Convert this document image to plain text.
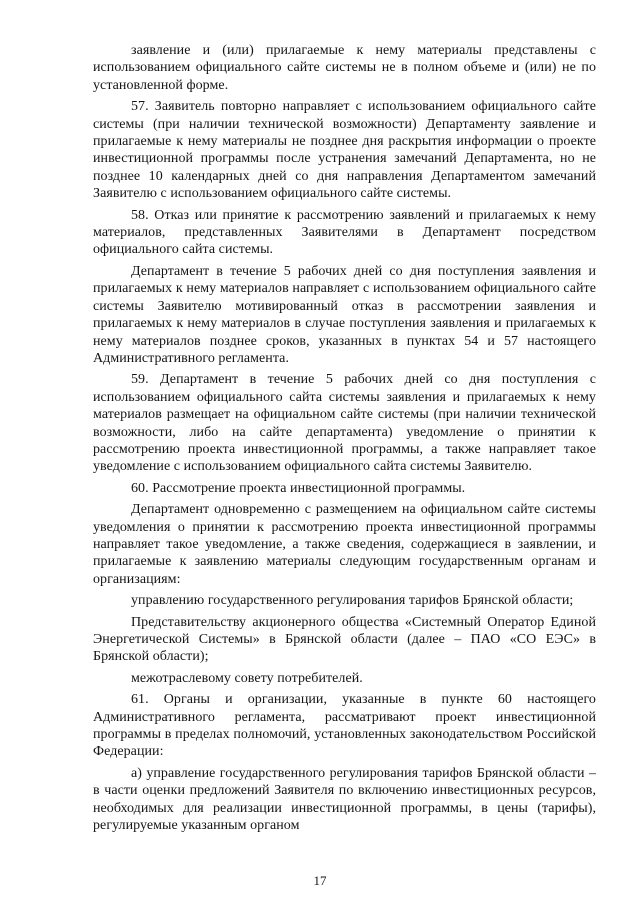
заявление и (или) прилагаемые к нему материалы представлены с использованием официального сайте системы не в полном объеме и (или) не по установленной форме.

57. Заявитель повторно направляет с использованием официального сайте системы (при наличии технической возможности) Департаменту заявление и прилагаемые к нему материалы не позднее дня раскрытия информации о проекте инвестиционной программы после устранения замечаний Департамента, но не позднее 10 календарных дней со дня направления Департаментом замечаний Заявителю с использованием официального сайте системы.

58. Отказ или принятие к рассмотрению заявлений и прилагаемых к нему материалов, представленных Заявителями в Департамент посредством официального сайта системы.

Департамент в течение 5 рабочих дней со дня поступления заявления и прилагаемых к нему материалов направляет с использованием официального сайте системы Заявителю мотивированный отказ в рассмотрении заявления и прилагаемых к нему материалов в случае поступления заявления и прилагаемых к нему материалов позднее сроков, указанных в пунктах 54 и 57 настоящего Административного регламента.

59. Департамент в течение 5 рабочих дней со дня поступления с использованием официального сайта системы заявления и прилагаемых к нему материалов размещает на официальном сайте системы (при наличии технической возможности, либо на сайте департамента) уведомление о принятии к рассмотрению проекта инвестиционной программы, а также направляет такое уведомление с использованием официального сайта системы Заявителю.

60. Рассмотрение проекта инвестиционной программы.

Департамент одновременно с размещением на официальном сайте системы уведомления о принятии к рассмотрению проекта инвестиционной программы направляет такое уведомление, а также сведения, содержащиеся в заявлении, и прилагаемые к заявлению материалы следующим государственным органам и организациям:

управлению государственного регулирования тарифов Брянской области;

Представительству акционерного общества «Системный Оператор Единой Энергетической Системы» в Брянской области (далее – ПАО «СО ЕЭС» в Брянской области);

межотраслевому совету потребителей.

61. Органы и организации, указанные в пункте 60 настоящего Административного регламента, рассматривают проект инвестиционной программы в пределах полномочий, установленных законодательством Российской Федерации:

а) управление государственного регулирования тарифов Брянской области – в части оценки предложений Заявителя по включению инвестиционных ресурсов, необходимых для реализации инвестиционной программы, в цены (тарифы), регулируемые указанным органом

17
